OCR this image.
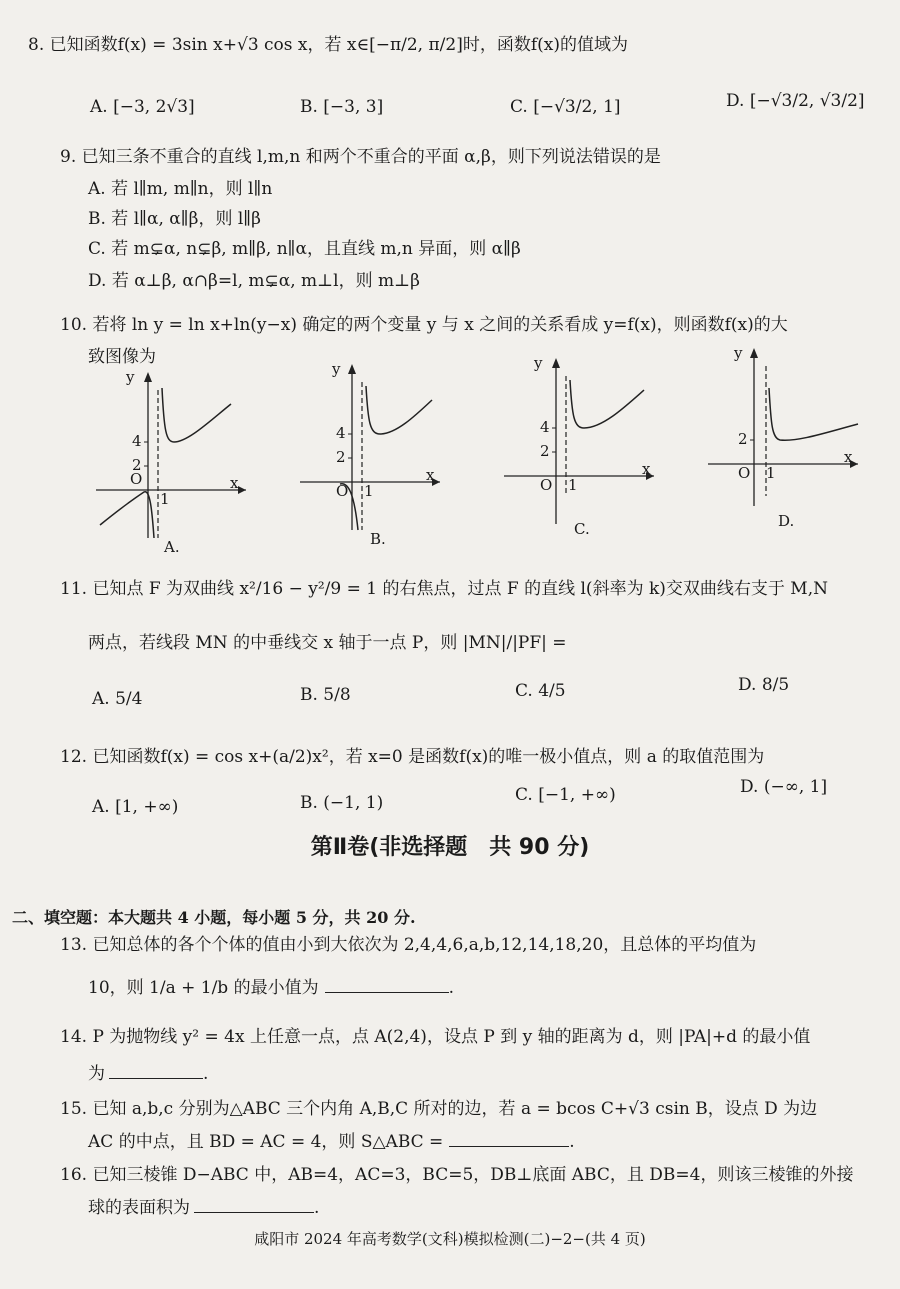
8. 已知函数f(x) = 3sin x+√3 cos x，若 x∈[−π/2, π/2]时，函数f(x)的值域为
A. [−3, 2√3]	B. [−3, 3]	C. [−√3/2, 1]	D. [−√3/2, √3/2]
9. 已知三条不重合的直线 l,m,n 和两个不重合的平面 α,β，则下列说法错误的是
A. 若 l∥m, m∥n，则 l∥n
B. 若 l∥α, α∥β，则 l∥β
C. 若 m⊊α, n⊊β, m∥β, n∥α，且直线 m,n 异面，则 α∥β
D. 若 α⊥β, α∩β=l, m⊊α, m⊥l，则 m⊥β
10. 若将 ln y = ln x+ln(y−x) 确定的两个变量 y 与 x 之间的关系看成 y=f(x)，则函数f(x)的大
致图像为
y
4
2
O
1
x
A.
y
4
2
O 1
x
B.
y
4
2
O 1
x
C.
y
2
O 1
x
D.
11. 已知点 F 为双曲线 x²/16 − y²/9 = 1 的右焦点，过点 F 的直线 l(斜率为 k)交双曲线右支于 M,N
两点，若线段 MN 的中垂线交 x 轴于一点 P，则 |MN|/|PF| =
A. 5/4	B. 5/8	C. 4/5	D. 8/5
12. 已知函数f(x) = cos x+(a/2)x²，若 x=0 是函数f(x)的唯一极小值点，则 a 的取值范围为
A. [1, +∞)	B. (−1, 1)	C. [−1, +∞)	D. (−∞, 1]
第Ⅱ卷(非选择题　共 90 分)
二、填空题：本大题共 4 小题，每小题 5 分，共 20 分.
13. 已知总体的各个个体的值由小到大依次为 2,4,4,6,a,b,12,14,18,20，且总体的平均值为
10，则 1/a + 1/b 的最小值为	.
14. P 为抛物线 y² = 4x 上任意一点，点 A(2,4)，设点 P 到 y 轴的距离为 d，则 |PA|+d 的最小值
为	.
15. 已知 a,b,c 分别为△ABC 三个内角 A,B,C 所对的边，若 a = bcos C+√3 csin B，设点 D 为边
AC 的中点，且 BD = AC = 4，则 S△ABC =	.
16. 已知三棱锥 D−ABC 中，AB=4，AC=3，BC=5，DB⊥底面 ABC，且 DB=4，则该三棱锥的外接
球的表面积为	.
咸阳市 2024 年高考数学(文科)模拟检测(二)−2−(共 4 页)
